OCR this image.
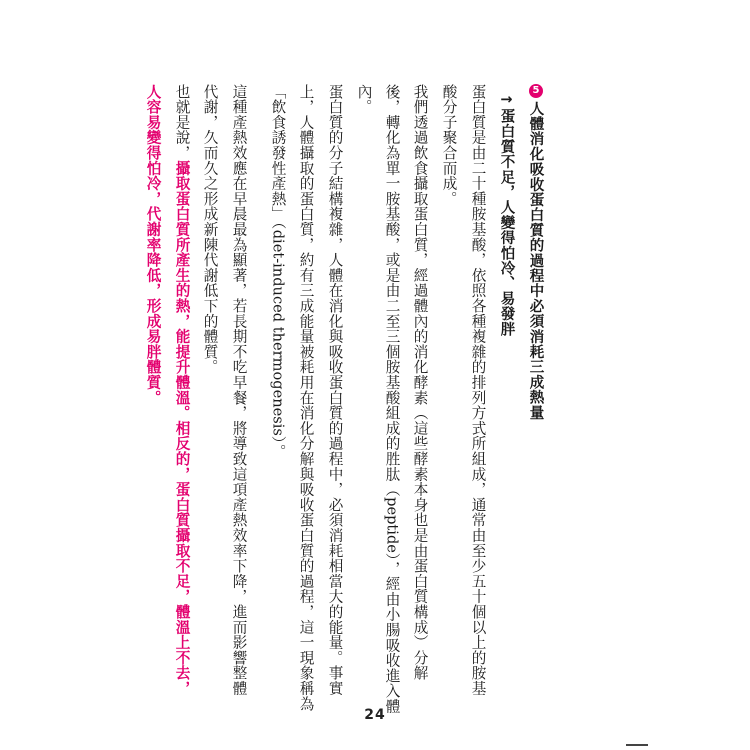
5人體消化吸收蛋白質的過程中必須消耗三成熱量
→蛋白質不足，人變得怕冷、易發胖
蛋白質是由二十種胺基酸，依照各種複雜的排列方式所組成，通常由至少五十個以上的胺基
酸分子聚合而成。
我們透過飲食攝取蛋白質，經過體內的消化酵素（這些酵素本身也是由蛋白質構成）分解
後，轉化為單一胺基酸，或是由二至三個胺基酸組成的胜肽（peptide），經由小腸吸收進入體
內。
蛋白質的分子結構複雜，人體在消化與吸收蛋白質的過程中，必須消耗相當大的能量。事實
上，人體攝取的蛋白質，約有三成能量被耗用在消化分解與吸收蛋白質的過程，這一現象稱為
「飲食誘發性產熱」（diet-induced thermogenesis）。
這種產熱效應在早晨最為顯著，若長期不吃早餐，將導致這項產熱效率下降，進而影響整體
代謝，久而久之形成新陳代謝低下的體質。
也就是說，攝取蛋白質所產生的熱，能提升體溫。相反的，蛋白質攝取不足，體溫上不去，
人容易變得怕冷，代謝率降低，形成易胖體質。
24
